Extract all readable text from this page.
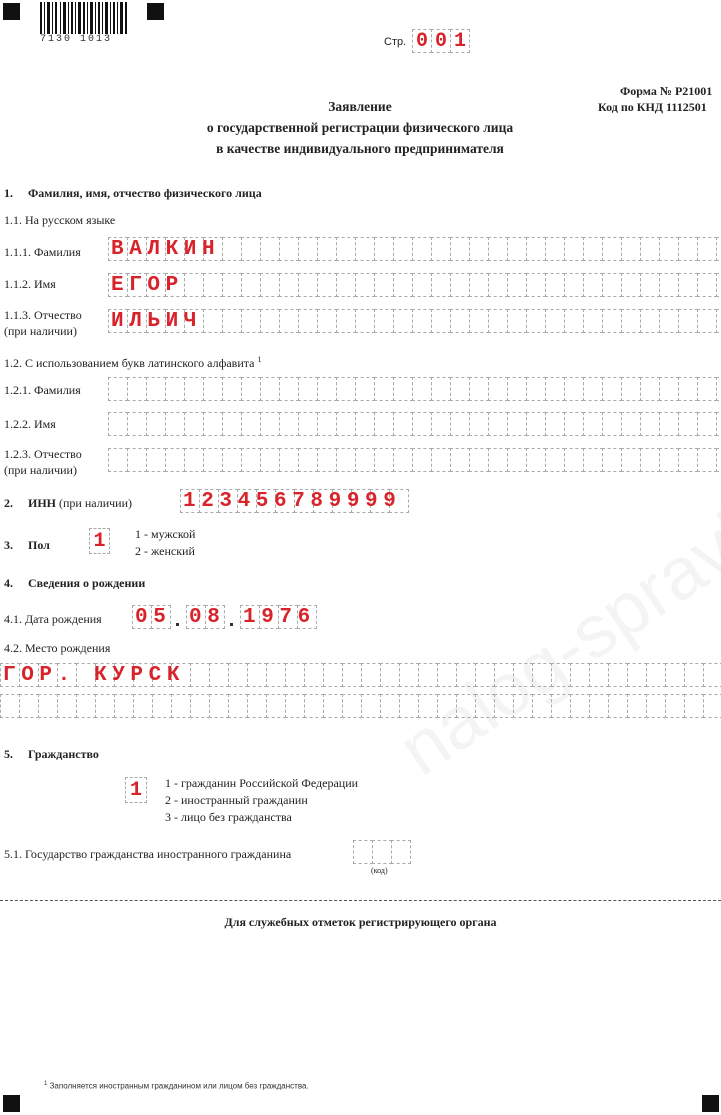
7130 1013	Стр. 0 0 1
Форма № Р21001
Код по КНД 1112501
Заявление
о государственной регистрации физического лица
в качестве индивидуального предпринимателя
1. Фамилия, имя, отчество физического лица
1.1. На русском языке
1.1.1. Фамилия ВАЛКИН
1.1.2. Имя	ЕГОР
1.1.3. Отчество
(при наличии) ИЛЬИЧ
1.2. С использованием букв латинского алфавита $^1$
1.2.1. Фамилия
1.2.2. Имя
1.2.3. Отчество
(при наличии)
2. ИНН (при наличии) 123456789999
3. Пол 1	1 - мужской
2 - женский
4. Сведения о рождении
4.1. Дата рождения 05 08 1976
4.2. Место рождения
ГОР. КУРСК
5. Гражданство
1	1 - гражданин Российской Федерации
2 - иностранный гражданин
3 - лицо без гражданства
5.1. Государство гражданства иностранного гражданина
(код)
Для служебных отметок регистрирующего органа
$^1$ Заполняется иностранным гражданином или лицом без гражданства.
